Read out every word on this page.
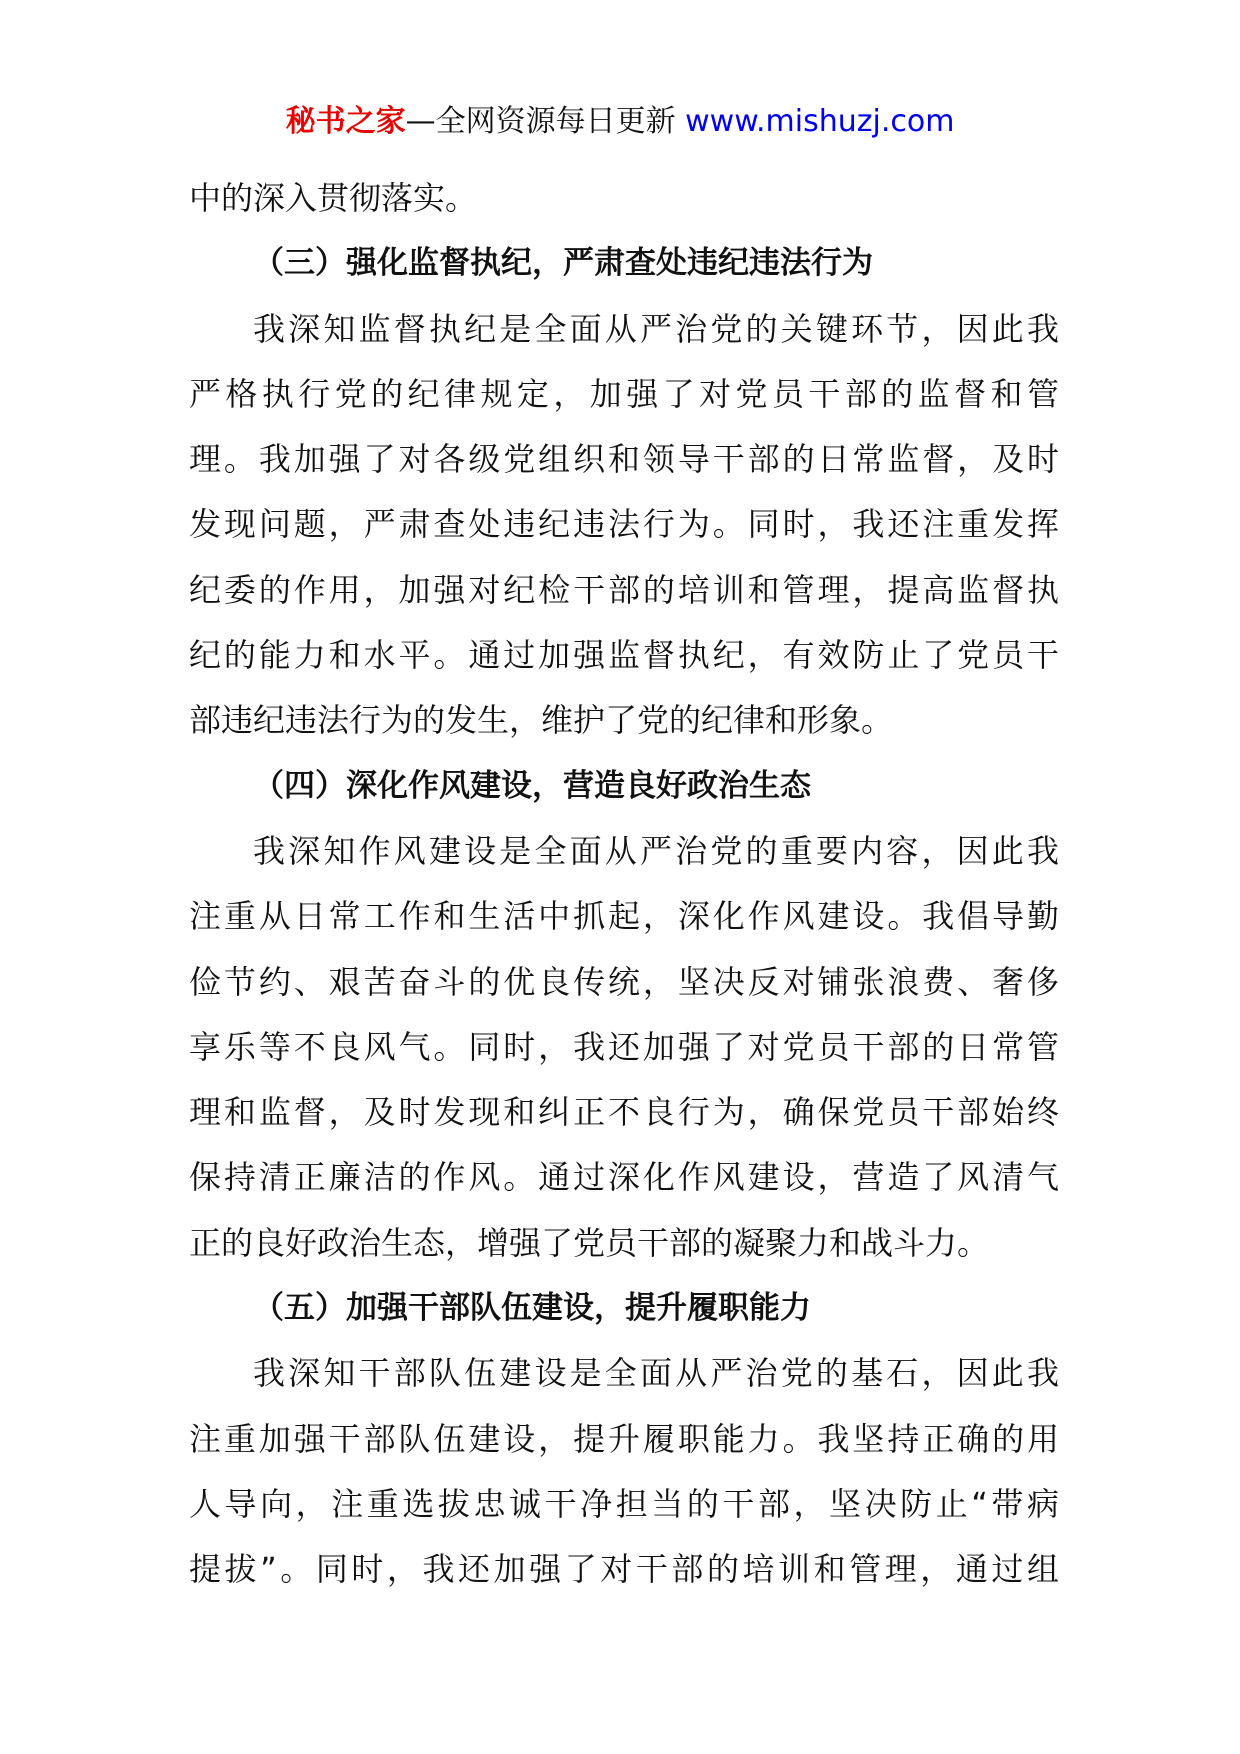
秘书之家—全网资源每日更新 www.mishuzj.com
中的深入贯彻落实。
（三）强化监督执纪，严肃查处违纪违法行为
我深知监督执纪是全面从严治党的关键环节，因此我
严格执行党的纪律规定，加强了对党员干部的监督和管
理。我加强了对各级党组织和领导干部的日常监督，及时
发现问题，严肃查处违纪违法行为。同时，我还注重发挥
纪委的作用，加强对纪检干部的培训和管理，提高监督执
纪的能力和水平。通过加强监督执纪，有效防止了党员干
部违纪违法行为的发生，维护了党的纪律和形象。
（四）深化作风建设，营造良好政治生态
我深知作风建设是全面从严治党的重要内容，因此我
注重从日常工作和生活中抓起，深化作风建设。我倡导勤
俭节约、艰苦奋斗的优良传统，坚决反对铺张浪费、奢侈
享乐等不良风气。同时，我还加强了对党员干部的日常管
理和监督，及时发现和纠正不良行为，确保党员干部始终
保持清正廉洁的作风。通过深化作风建设，营造了风清气
正的良好政治生态，增强了党员干部的凝聚力和战斗力。
（五）加强干部队伍建设，提升履职能力
我深知干部队伍建设是全面从严治党的基石，因此我
注重加强干部队伍建设，提升履职能力。我坚持正确的用
人导向，注重选拔忠诚干净担当的干部，坚决防止“带病
提拔”。同时，我还加强了对干部的培训和管理，通过组
